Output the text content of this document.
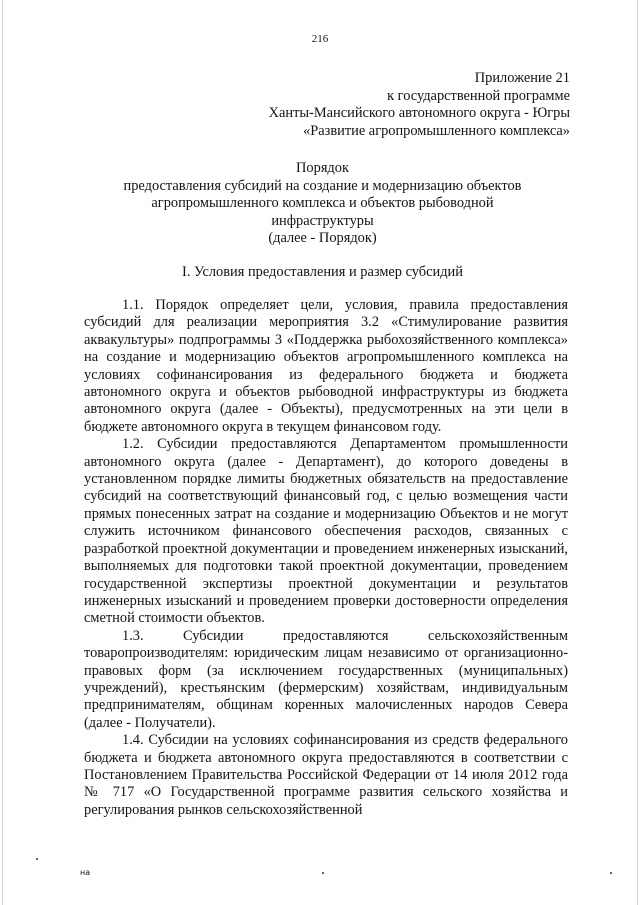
216
Приложение 21
к государственной программе
Ханты-Мансийского автономного округа - Югры
«Развитие агропромышленного комплекса»
Порядок
предоставления субсидий на создание и модернизацию объектов
агропромышленного комплекса и объектов рыбоводной
инфраструктуры
(далее - Порядок)
I. Условия предоставления и размер субсидий

1.1. Порядок определяет цели, условия, правила предоставления субсидий для реализации мероприятия 3.2 «Стимулирование развития аквакультуры» подпрограммы 3 «Поддержка рыбохозяйственного комплекса» на создание и модернизацию объектов агропромышленного комплекса на условиях софинансирования из федерального бюджета и бюджета автономного округа и объектов рыбоводной инфраструктуры из бюджета автономного округа (далее - Объекты), предусмотренных на эти цели в бюджете автономного округа в текущем финансовом году.

1.2. Субсидии предоставляются Департаментом промышленности автономного округа (далее - Департамент), до которого доведены в установленном порядке лимиты бюджетных обязательств на предоставление субсидий на соответствующий финансовый год, с целью возмещения части прямых понесенных затрат на создание и модернизацию Объектов и не могут служить источником финансового обеспечения расходов, связанных с разработкой проектной документации и проведением инженерных изысканий, выполняемых для подготовки такой проектной документации, проведением государственной экспертизы проектной документации и результатов инженерных изысканий и проведением проверки достоверности определения сметной стоимости объектов.

1.3. Субсидии предоставляются сельскохозяйственным товаропроизводителям: юридическим лицам независимо от организационно-правовых форм (за исключением государственных (муниципальных) учреждений), крестьянским (фермерским) хозяйствам, индивидуальным предпринимателям, общинам коренных малочисленных народов Севера (далее - Получатели).

1.4. Субсидии на условиях софинансирования из средств федерального бюджета и бюджета автономного округа предоставляются в соответствии с Постановлением Правительства Российской Федерации от 14 июля 2012 года № 717 «О Государственной программе развития сельского хозяйства и регулирования рынков сельскохозяйственной

на
